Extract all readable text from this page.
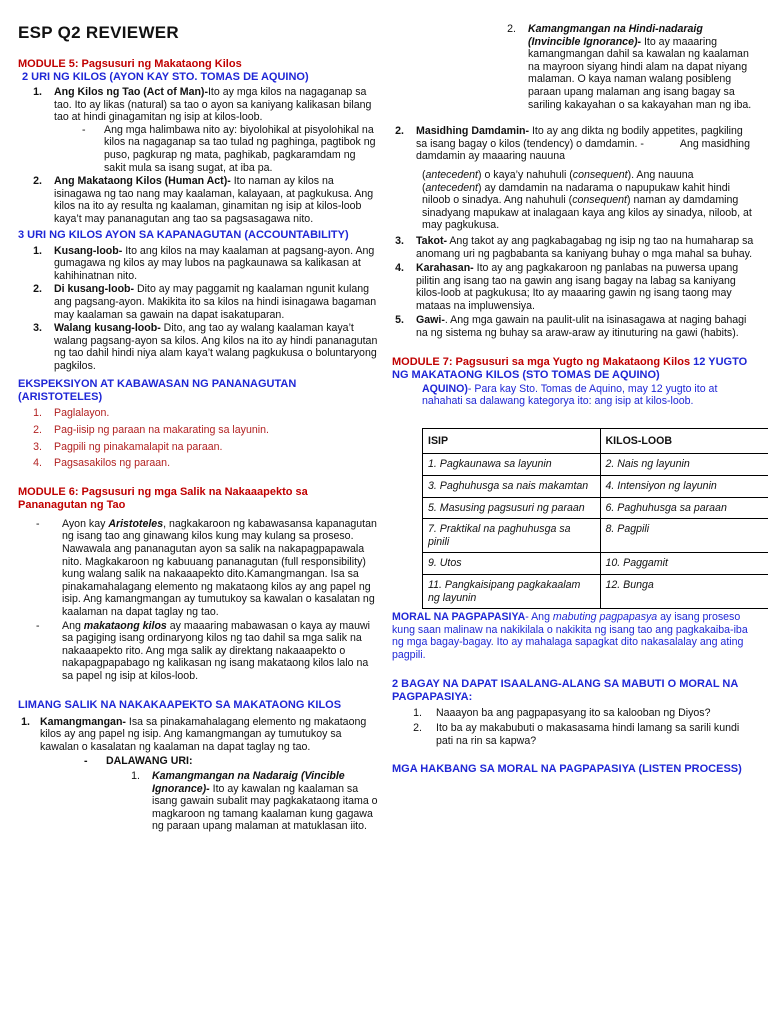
ESP Q2 REVIEWER
MODULE 5: Pagsusuri ng Makataong Kilos
2 URI NG KILOS (AYON KAY STO. TOMAS DE AQUINO)
1.	Ang Kilos ng Tao (Act of Man)-Ito ay mga kilos na nagaganap sa tao. Ito ay likas (natural) sa tao o ayon sa kaniyang kalikasan bilang tao at hindi ginagamitan ng isip at kilos-loob.
-	Ang mga halimbawa nito ay: biyolohikal at pisyolohikal na kilos na nagaganap sa tao tulad ng paghinga, pagtibok ng puso, pagkurap ng mata, paghikab, pagkaramdam ng sakit mula sa isang sugat, at iba pa.
2.	Ang Makataong Kilos (Human Act)- Ito naman ay kilos na isinagawa ng tao nang may kaalaman, kalayaan, at pagkukusa. Ang kilos na ito ay resulta ng kaalaman, ginamitan ng isip at kilos-loob kaya’t may pananagutan ang tao sa pagsasagawa nito.
3 URI NG KILOS AYON SA KAPANAGUTAN (ACCOUNTABILITY)
1.	Kusang-loob- Ito ang kilos na may kaalaman at pagsang-ayon. Ang gumagawa ng kilos ay may lubos na pagkaunawa sa kalikasan at kahihinatnan nito.
2.	Di kusang-loob- Dito ay may paggamit ng kaalaman ngunit kulang ang pagsang-ayon. Makikita ito sa kilos na hindi isinagawa bagaman may kaalaman sa gawain na dapat isakatuparan.
3.	Walang kusang-loob- Dito, ang tao ay walang kaalaman kaya’t walang pagsang-ayon sa kilos. Ang kilos na ito ay hindi pananagutan ng tao dahil hindi niya alam kaya’t walang pagkukusa o boluntaryong pagkilos.
EKSPEKSIYON AT KABAWASAN NG PANANAGUTAN (ARISTOTELES)
1.	Paglalayon.
2.	Pag-iisip ng paraan na makarating sa layunin.
3.	Pagpili ng pinakamalapit na paraan.
4.	Pagsasakilos ng paraan.
MODULE 6: Pagsusuri ng mga Salik na Nakaaapekto sa Pananagutan ng Tao
-	Ayon kay Aristoteles, nagkakaroon ng kabawasansa kapanagutan ng isang tao ang ginawang kilos kung may kulang sa proseso. Nawawala ang pananagutan ayon sa salik na nakapagpapawala nito. Magkakaroon ng kabuuang pananagutan (full responsibility) kung walang salik na nakaaapekto dito.Kamangmangan. Isa sa pinakamahalagang elemento ng makataong kilos ay ang papel ng isip. Ang kamangmangan ay tumutukoy sa kawalan o kasalatan ng kaalaman na dapat taglay ng tao.
-	Ang makataong kilos ay maaaring mabawasan o kaya ay mauwi sa pagiging isang ordinaryong kilos ng tao dahil sa mga salik na nakaaapekto rito. Ang mga salik ay direktang nakaaapekto o nakapagpapabago ng kalikasan ng isang makataong kilos lalo na sa papel ng isip at kilos-loob.
LIMANG SALIK NA NAKAKAAPEKTO SA MAKATAONG KILOS
1. Kamangmangan- Isa sa pinakamahalagang elemento ng makataong kilos ay ang papel ng isip. Ang kamangmangan ay tumutukoy sa kawalan o kasalatan ng kaalaman na dapat taglay ng tao.
-	DALAWANG URI:
1.	Kamangmangan na Nadaraig (Vincible Ignorance)- Ito ay kawalan ng kaalaman sa isang gawain subalit may pagkakataong itama o magkaroon ng tamang kaalaman kung gagawa ng paraan upang malaman at matuklasan iito.
2.	Kamangmangan na Hindi-nadaraig (Invincible Ignorance)- Ito ay maaaring kamangmangan dahil sa kawalan ng kaalaman na mayroon siyang hindi alam na dapat niyang malaman. O kaya naman walang posibleng paraan upang malaman ang isang bagay sa sariling kakayahan o sa kakayahan man ng iba.
2.	Masidhing Damdamin- Ito ay ang dikta ng bodily appetites, pagkiling sa isang bagay o kilos (tendency) o damdamin. -	Ang masidhing damdamin ay maaaring nauuna
(antecedent) o kaya’y nahuhuli (consequent). Ang nauuna (antecedent) ay damdamin na nadarama o napupukaw kahit hindi niloob o sinadya. Ang nahuhuli (consequent) naman ay damdaming sinadyang mapukaw at inalagaan kaya ang kilos ay sinadya, niloob, at may pagkukusa.
3.	Takot- Ang takot ay ang pagkabagabag ng isip ng tao na humaharap sa anomang uri ng pagbabanta sa kaniyang buhay o mga mahal sa buhay.
4.	Karahasan- Ito ay ang pagkakaroon ng panlabas na puwersa upang pilitin ang isang tao na gawin ang isang bagay na labag sa kaniyang kilos-loob at pagkukusa; Ito ay maaaring gawin ng isang taong may mataas na impluwensiya.
5.	Gawi-. Ang mga gawain na paulit-ulit na isinasagawa at naging bahagi na ng sistema ng buhay sa araw-araw ay itinuturing na gawi (habits).
MODULE 7: Pagsusuri sa mga Yugto ng Makataong Kilos 12 YUGTO NG MAKATAONG KILOS (STO TOMAS DE AQUINO)
AQUINO)- Para kay Sto. Tomas de Aquino, may 12 yugto ito at nahahati sa dalawang kategorya ito: ang isip at kilos-loob.
ISIP	KILOS-LOOB
1. Pagkaunawa sa layunin	2. Nais ng layunin
3. Paghuhusga sa nais makamtan	4. Intensiyon ng layunin
5. Masusing pagsusuri ng paraan	6. Paghuhusga sa paraan
7. Praktikal na paghuhusga sa pinili	8. Pagpili
9. Utos	10. Paggamit
11. Pangkaisipang pagkakaalam ng layunin	12. Bunga
MORAL NA PAGPAPASIYA- Ang mabuting pagpapasya ay isang proseso kung saan malinaw na nakikilala o nakikita ng isang tao ang pagkakaiba-iba ng mga bagay-bagay. Ito ay mahalaga sapagkat dito nakasalalay ang ating pagpili.
2 BAGAY NA DAPAT ISAALANG-ALANG SA MABUTI O MORAL NA PAGPAPASIYA:
1.	Naaayon ba ang pagpapasyang ito sa kalooban ng Diyos?
2.	Ito ba ay makabubuti o makasasama hindi lamang sa sarili kundi pati na rin sa kapwa?
MGA HAKBANG SA MORAL NA PAGPAPASIYA (LISTEN PROCESS)
